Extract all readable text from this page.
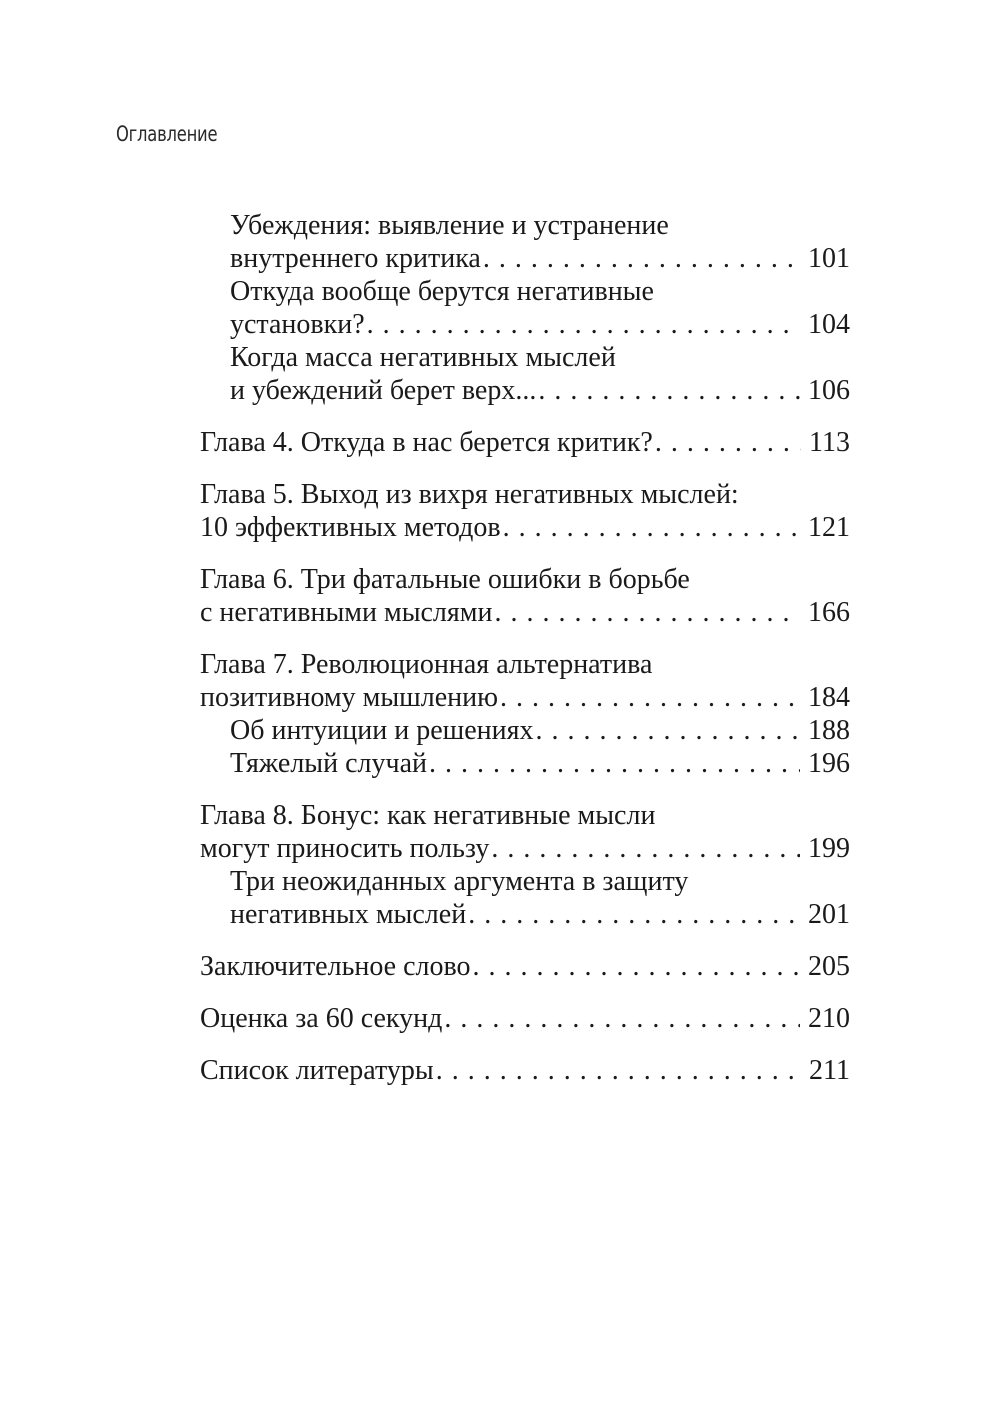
Оглавление
Убеждения: выявление и устранение
внутреннего критика . . .	101
Откуда вообще берутся негативные
установки? . . .	104
Когда масса негативных мыслей
и убеждений берет верх... . . .	106
Глава 4. Откуда в нас берется критик? . . .	113
Глава 5. Выход из вихря негативных мыслей:
10 эффективных методов . . .	121
Глава 6. Три фатальные ошибки в борьбе
с негативными мыслями . . .	166
Глава 7. Революционная альтернатива
позитивному мышлению . . .	184
Об интуиции и решениях . . .	188
Тяжелый случай . . .	196
Глава 8. Бонус: как негативные мысли
могут приносить пользу . . .	199
Три неожиданных аргумента в защиту
негативных мыслей . . .	201
Заключительное слово . . .	205
Оценка за 60 секунд . . .	210
Список литературы . . .	211
